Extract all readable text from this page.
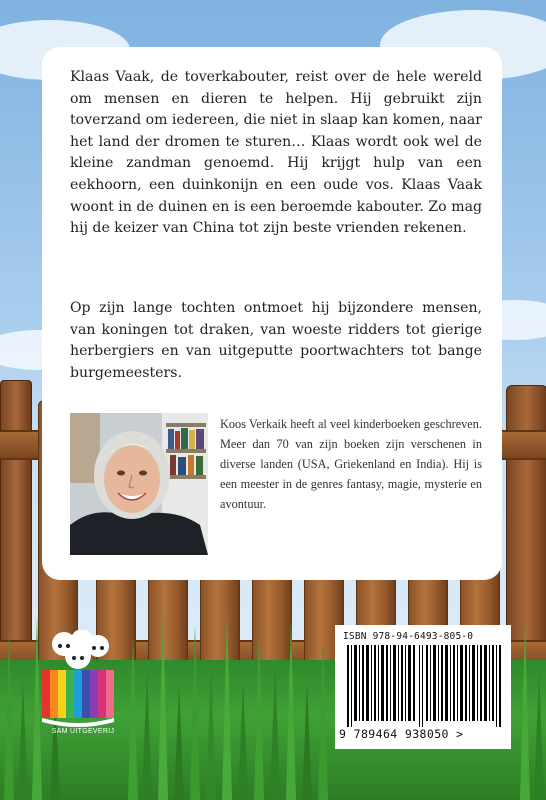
Klaas Vaak, de toverkabouter, reist over de hele wereld om mensen en dieren te helpen. Hij gebruikt zijn toverzand om iedereen, die niet in slaap kan komen, naar het land der dromen te sturen… Klaas wordt ook wel de kleine zandman genoemd. Hij krijgt hulp van een eekhoorn, een duinkonijn en een oude vos. Klaas Vaak woont in de duinen en is een beroemde kabouter. Zo mag hij de keizer van China tot zijn beste vrienden rekenen.

Op zijn lange tochten ontmoet hij bijzondere mensen, van koningen tot draken, van woeste ridders tot gierige herbergiers en van uitgeputte poortwachters tot bange burgemeesters.

Koos Verkaik heeft al veel kinderboeken geschreven. Meer dan 70 van zijn boeken zijn verschenen in diverse landen (USA, Griekenland en India). Hij is een meester in de genres fantasy, magie, mysterie en avontuur.

SAM UITGEVERIJ
ISBN 978-94-6493-805-0
9 789464 938050 >
